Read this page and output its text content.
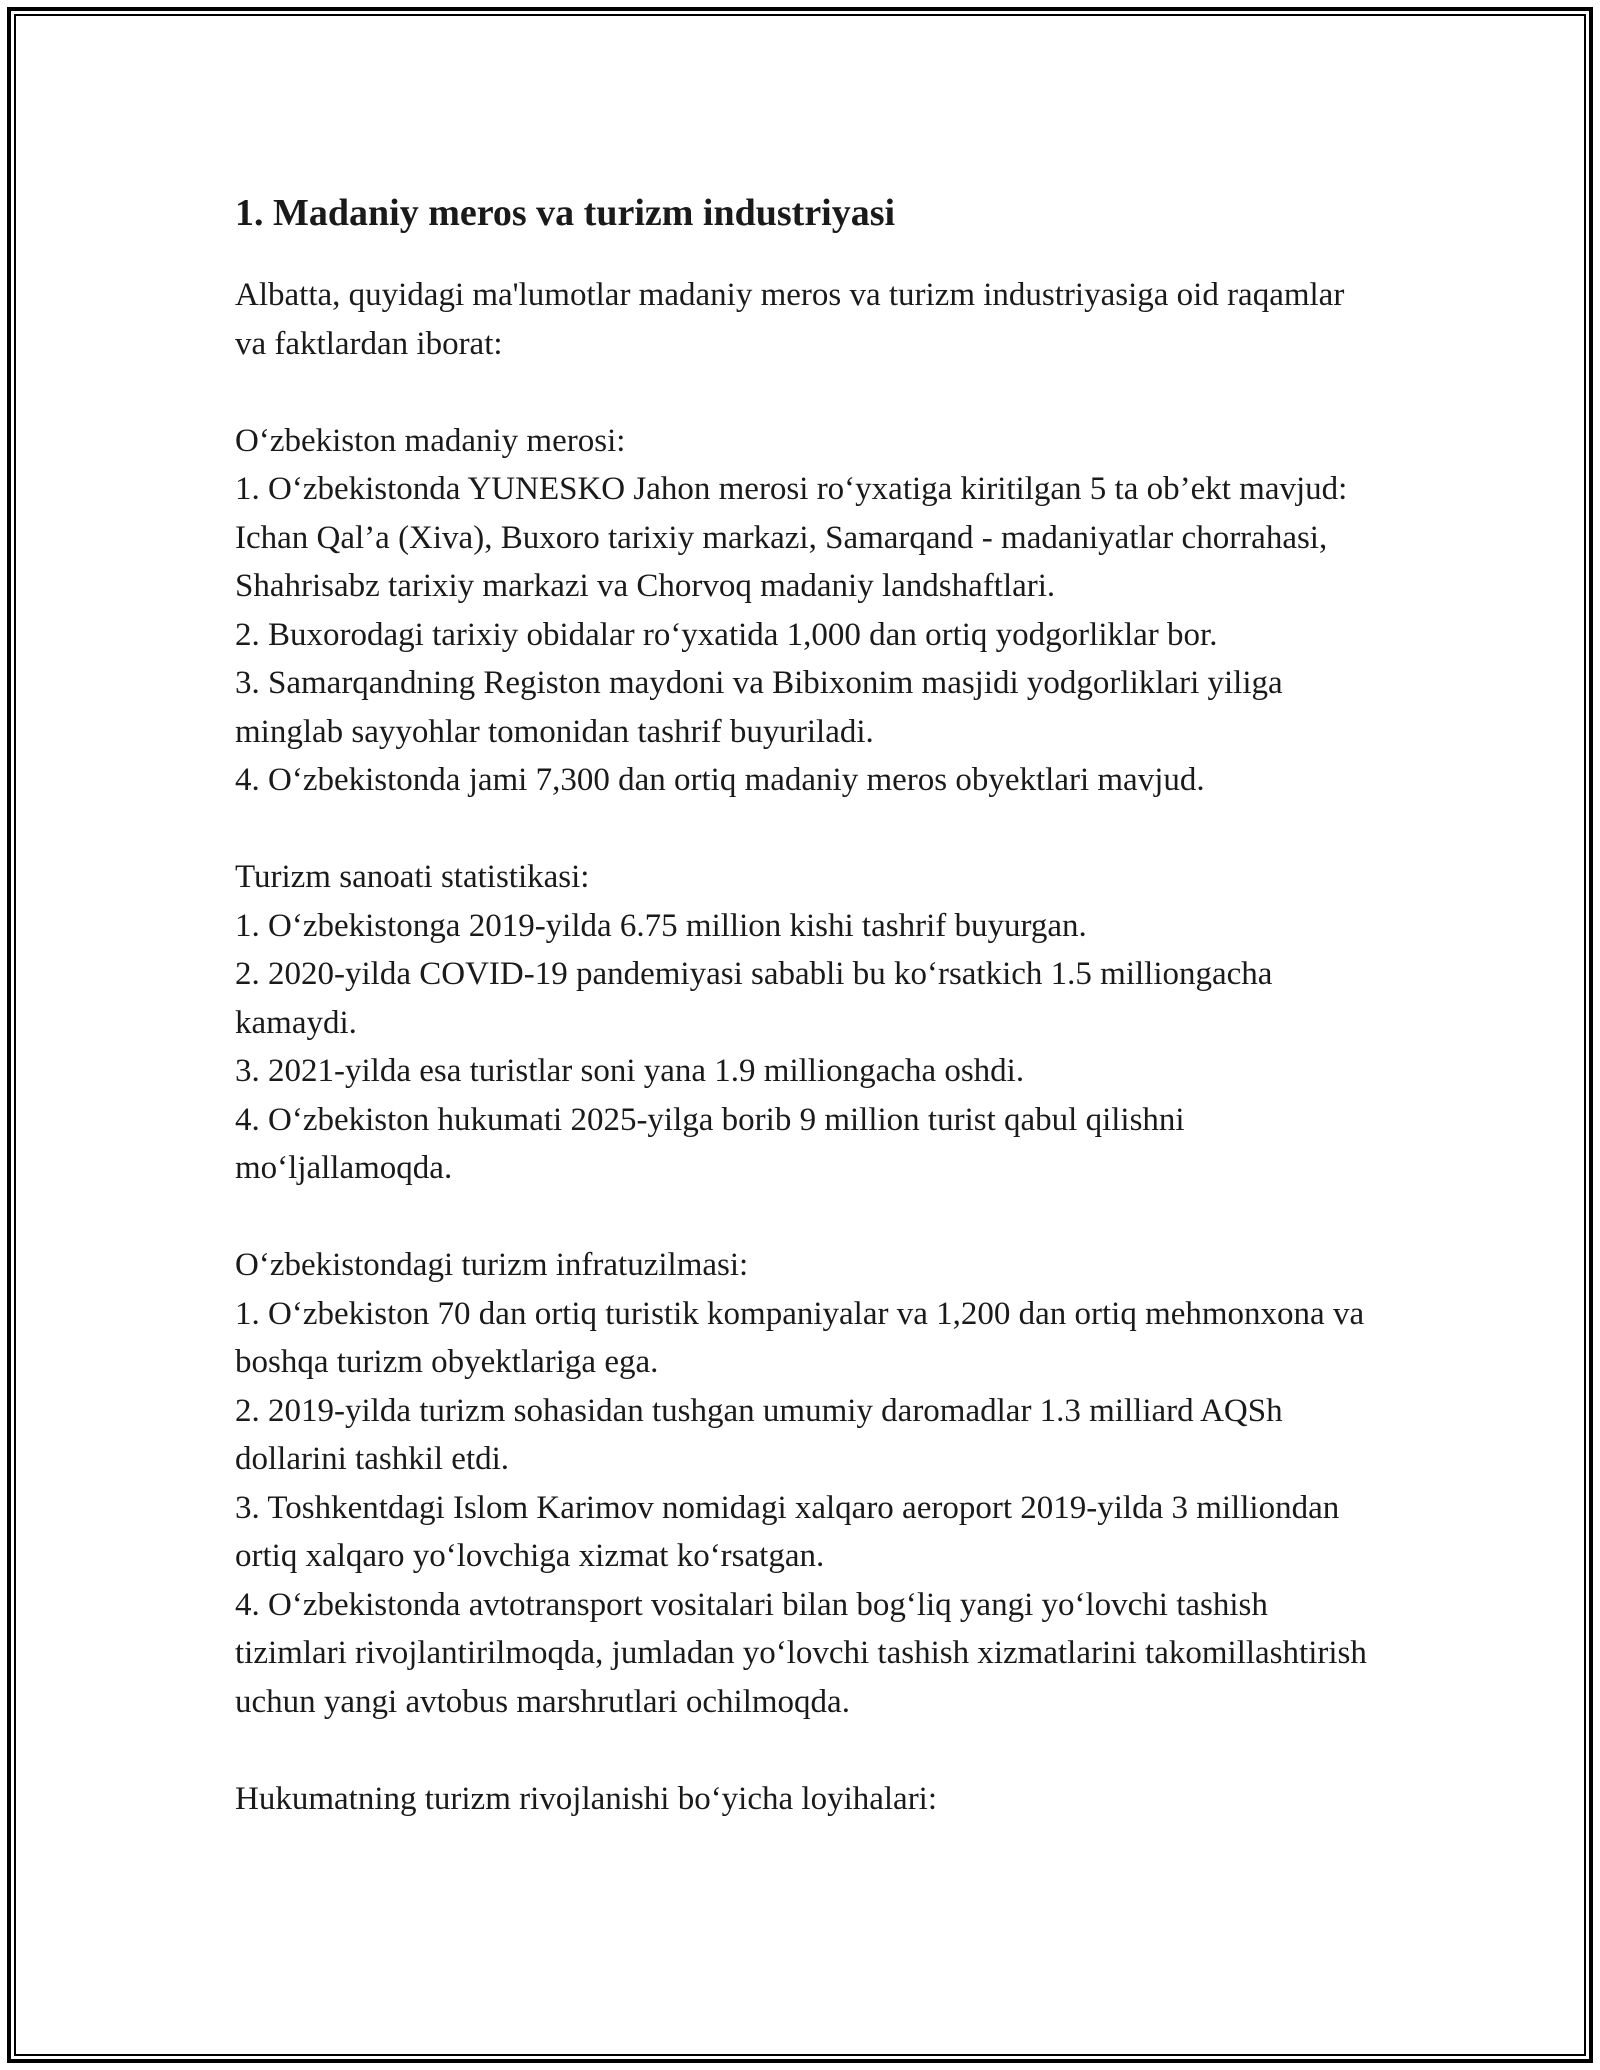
1. Madaniy meros va turizm industriyasi

Albatta, quyidagi ma'lumotlar madaniy meros va turizm industriyasiga oid raqamlar va faktlardan iborat:

O‘zbekiston madaniy merosi:

1. O‘zbekistonda YUNESKO Jahon merosi ro‘yxatiga kiritilgan 5 ta ob’ekt mavjud: Ichan Qal’a (Xiva), Buxoro tarixiy markazi, Samarqand - madaniyatlar chorrahasi, Shahrisabz tarixiy markazi va Chorvoq madaniy landshaftlari.

2. Buxorodagi tarixiy obidalar ro‘yxatida 1,000 dan ortiq yodgorliklar bor.

3. Samarqandning Registon maydoni va Bibixonim masjidi yodgorliklari yiliga minglab sayyohlar tomonidan tashrif buyuriladi.

4. O‘zbekistonda jami 7,300 dan ortiq madaniy meros obyektlari mavjud.

Turizm sanoati statistikasi:

1. O‘zbekistonga 2019-yilda 6.75 million kishi tashrif buyurgan.

2. 2020-yilda COVID-19 pandemiyasi sababli bu ko‘rsatkich 1.5 milliongacha kamaydi.

3. 2021-yilda esa turistlar soni yana 1.9 milliongacha oshdi.

4. O‘zbekiston hukumati 2025-yilga borib 9 million turist qabul qilishni mo‘ljallamoqda.

O‘zbekistondagi turizm infratuzilmasi:

1. O‘zbekiston 70 dan ortiq turistik kompaniyalar va 1,200 dan ortiq mehmonxona va boshqa turizm obyektlariga ega.

2. 2019-yilda turizm sohasidan tushgan umumiy daromadlar 1.3 milliard AQSh dollarini tashkil etdi.

3. Toshkentdagi Islom Karimov nomidagi xalqaro aeroport 2019-yilda 3 milliondan ortiq xalqaro yo‘lovchiga xizmat ko‘rsatgan.

4. O‘zbekistonda avtotransport vositalari bilan bog‘liq yangi yo‘lovchi tashish tizimlari rivojlantirilmoqda, jumladan yo‘lovchi tashish xizmatlarini takomillashtirish uchun yangi avtobus marshrutlari ochilmoqda.

Hukumatning turizm rivojlanishi bo‘yicha loyihalari:
